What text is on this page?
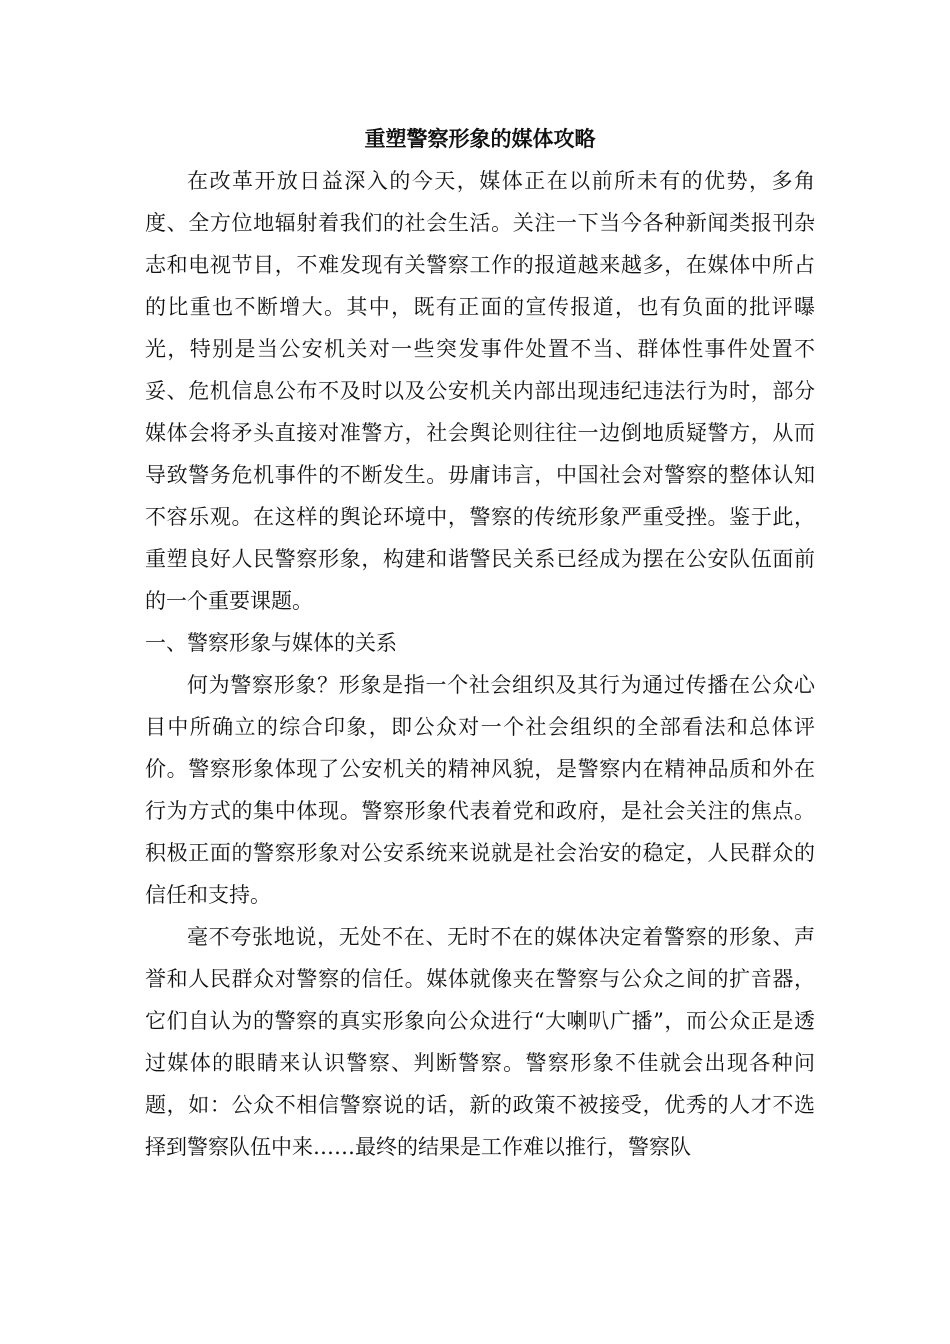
重塑警察形象的媒体攻略

在改革开放日益深入的今天，媒体正在以前所未有的优势，多角度、全方位地辐射着我们的社会生活。关注一下当今各种新闻类报刊杂志和电视节目，不难发现有关警察工作的报道越来越多，在媒体中所占的比重也不断增大。其中，既有正面的宣传报道，也有负面的批评曝光，特别是当公安机关对一些突发事件处置不当、群体性事件处置不妥、危机信息公布不及时以及公安机关内部出现违纪违法行为时，部分媒体会将矛头直接对准警方，社会舆论则往往一边倒地质疑警方，从而导致警务危机事件的不断发生。毋庸讳言，中国社会对警察的整体认知不容乐观。在这样的舆论环境中，警察的传统形象严重受挫。鉴于此，重塑良好人民警察形象，构建和谐警民关系已经成为摆在公安队伍面前的一个重要课题。

一、警察形象与媒体的关系

何为警察形象？形象是指一个社会组织及其行为通过传播在公众心目中所确立的综合印象，即公众对一个社会组织的全部看法和总体评价。警察形象体现了公安机关的精神风貌，是警察内在精神品质和外在行为方式的集中体现。警察形象代表着党和政府，是社会关注的焦点。积极正面的警察形象对公安系统来说就是社会治安的稳定，人民群众的信任和支持。

毫不夸张地说，无处不在、无时不在的媒体决定着警察的形象、声誉和人民群众对警察的信任。媒体就像夹在警察与公众之间的扩音器，它们自认为的警察的真实形象向公众进行“大喇叭广播”，而公众正是透过媒体的眼睛来认识警察、判断警察。警察形象不佳就会出现各种问题，如：公众不相信警察说的话，新的政策不被接受，优秀的人才不选择到警察队伍中来……最终的结果是工作难以推行，警察队
